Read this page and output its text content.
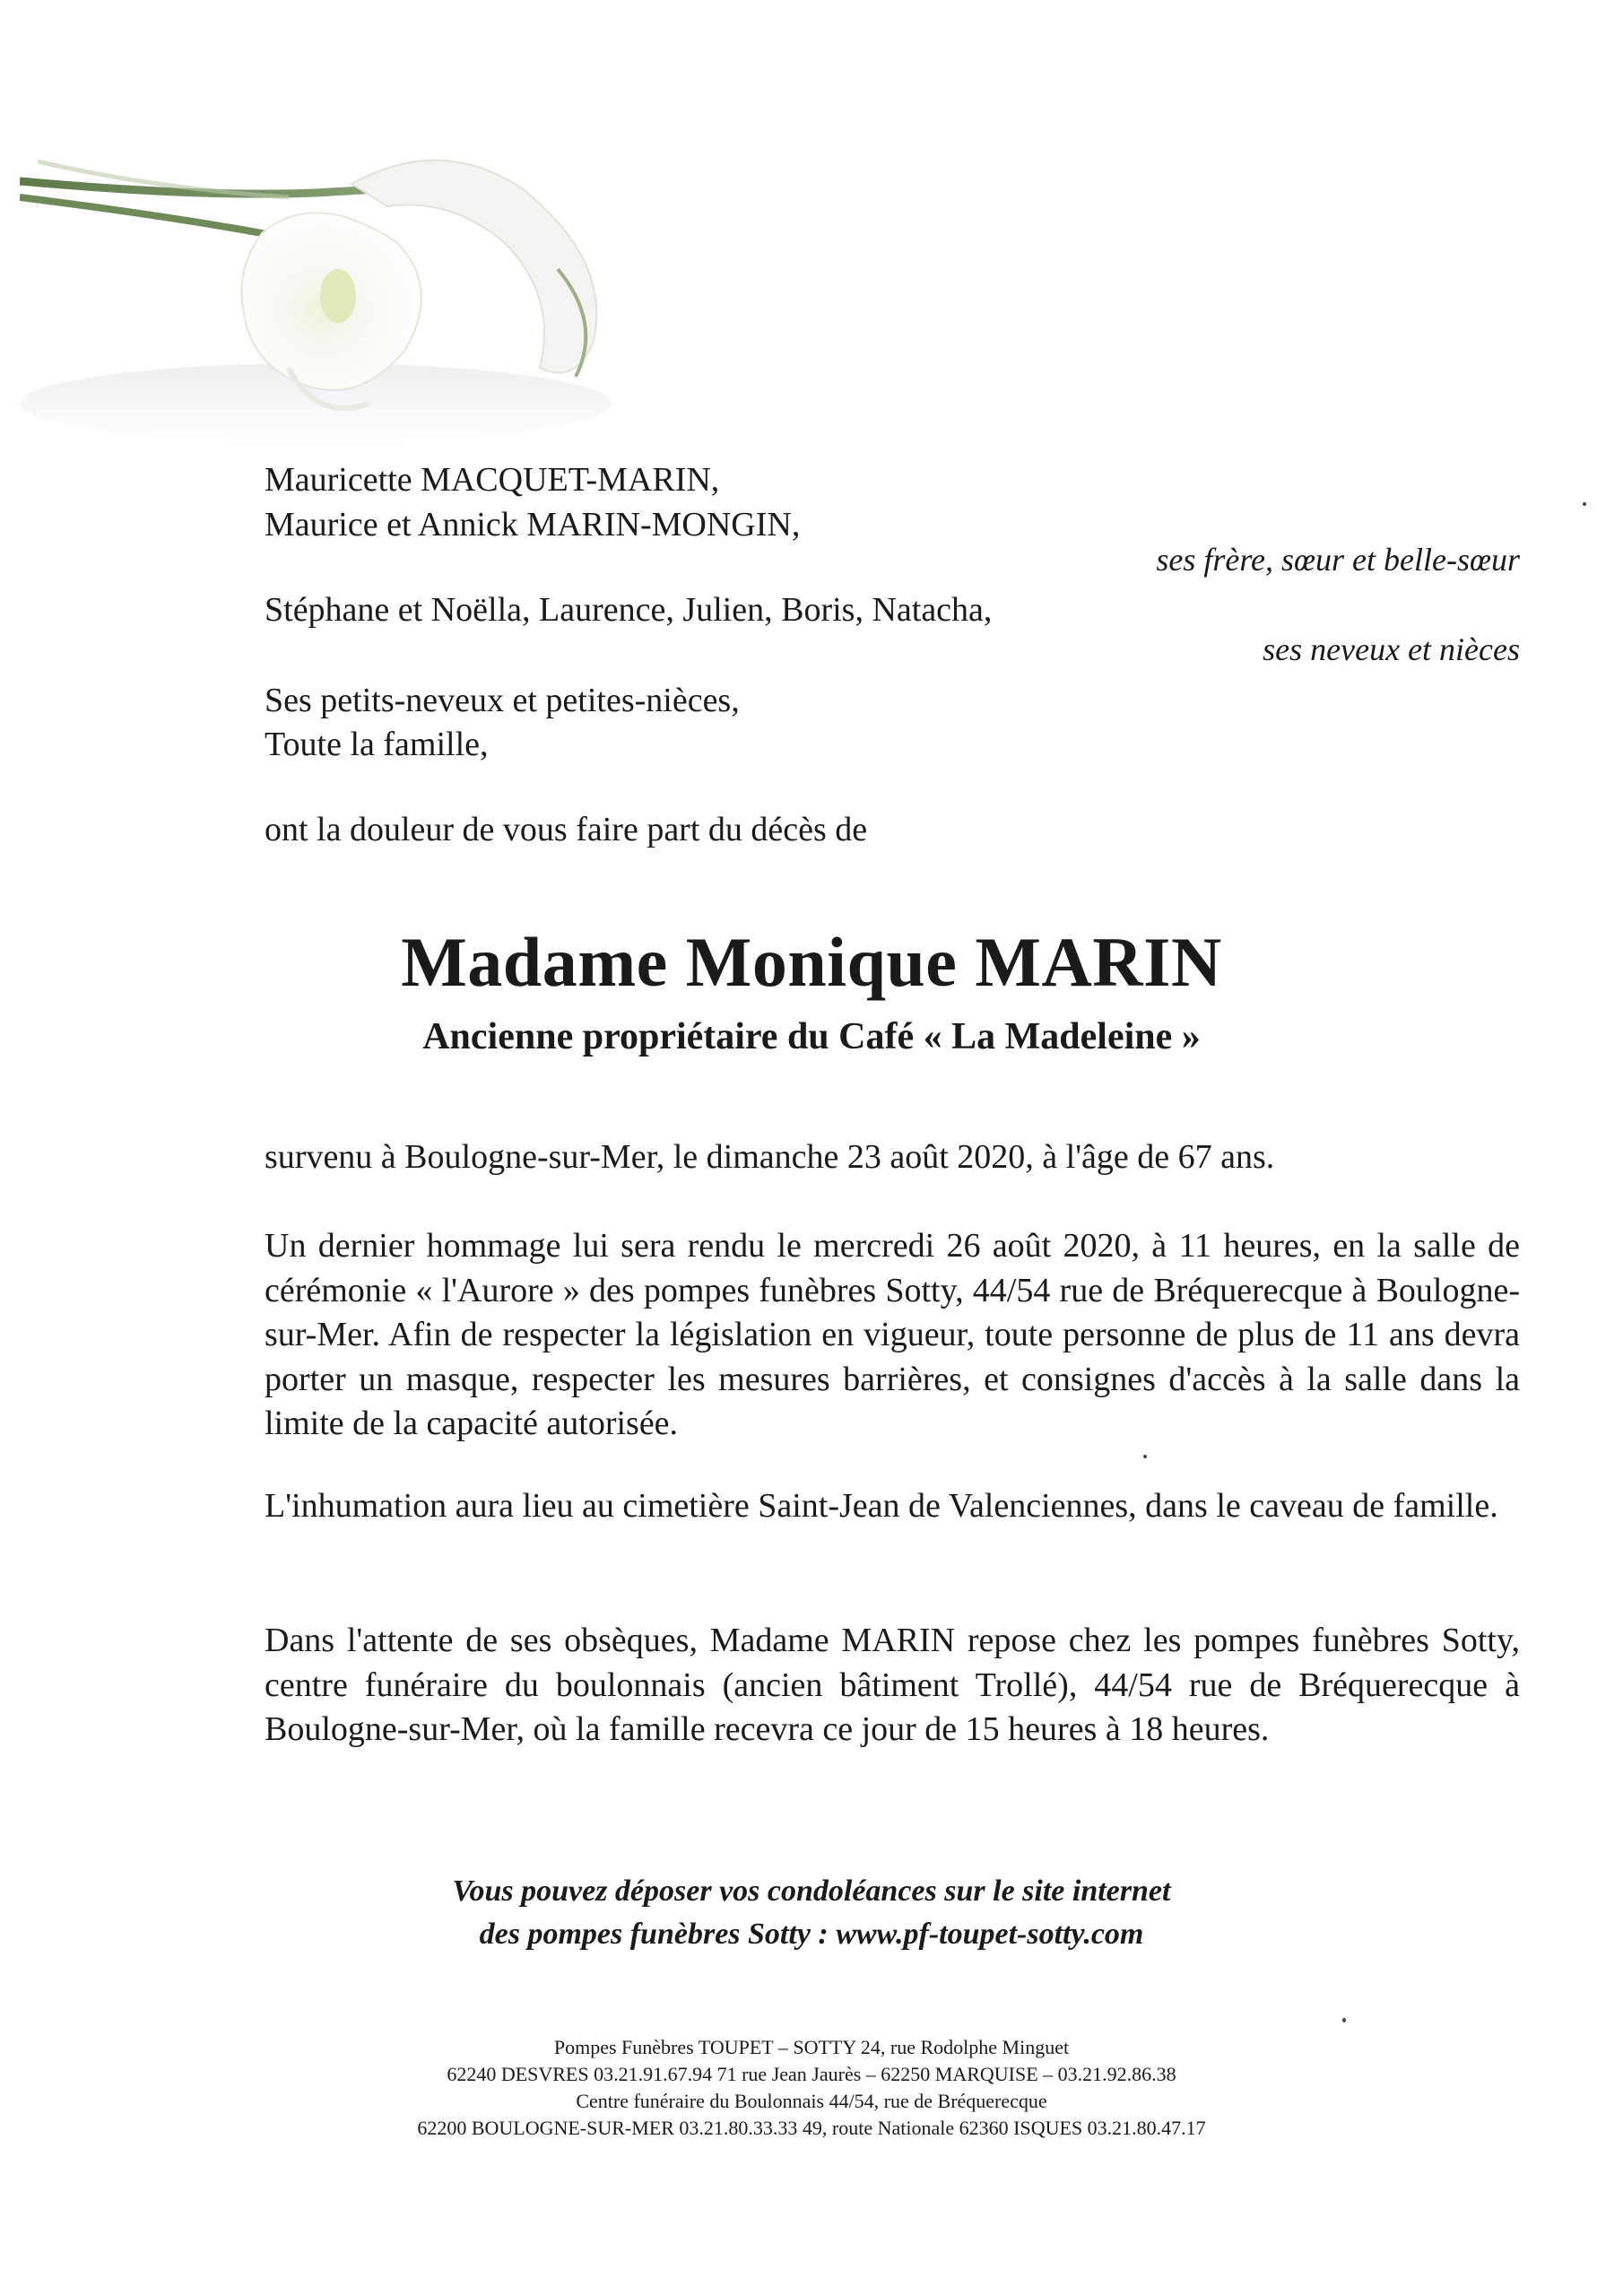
Mauricette MACQUET-MARIN,
Maurice et Annick MARIN-MONGIN,
ses frère, sœur et belle-sœur
Stéphane et Noëlla, Laurence, Julien, Boris, Natacha,
ses neveux et nièces
Ses petits-neveux et petites-nièces,
Toute la famille,
ont la douleur de vous faire part du décès de
Madame Monique MARIN
Ancienne propriétaire du Café « La Madeleine »
survenu à Boulogne-sur-Mer, le dimanche 23 août 2020, à l'âge de 67 ans.
Un dernier hommage lui sera rendu le mercredi 26 août 2020, à 11 heures, en la salle de cérémonie « l'Aurore » des pompes funèbres Sotty, 44/54 rue de Bréquerecque à Boulogne-sur-Mer. Afin de respecter la législation en vigueur, toute personne de plus de 11 ans devra porter un masque, respecter les mesures barrières, et consignes d'accès à la salle dans la limite de la capacité autorisée.
L'inhumation aura lieu au cimetière Saint-Jean de Valenciennes, dans le caveau de famille.
Dans l'attente de ses obsèques, Madame MARIN repose chez les pompes funèbres Sotty, centre funéraire du boulonnais (ancien bâtiment Trollé), 44/54 rue de Bréquerecque à Boulogne-sur-Mer, où la famille recevra ce jour de 15 heures à 18 heures.
Vous pouvez déposer vos condoléances sur le site internet
des pompes funèbres Sotty : www.pf-toupet-sotty.com
Pompes Funèbres TOUPET – SOTTY 24, rue Rodolphe Minguet
62240 DESVRES 03.21.91.67.94 71 rue Jean Jaurès – 62250 MARQUISE – 03.21.92.86.38
Centre funéraire du Boulonnais 44/54, rue de Bréquerecque
62200 BOULOGNE-SUR-MER 03.21.80.33.33 49, route Nationale 62360 ISQUES 03.21.80.47.17
